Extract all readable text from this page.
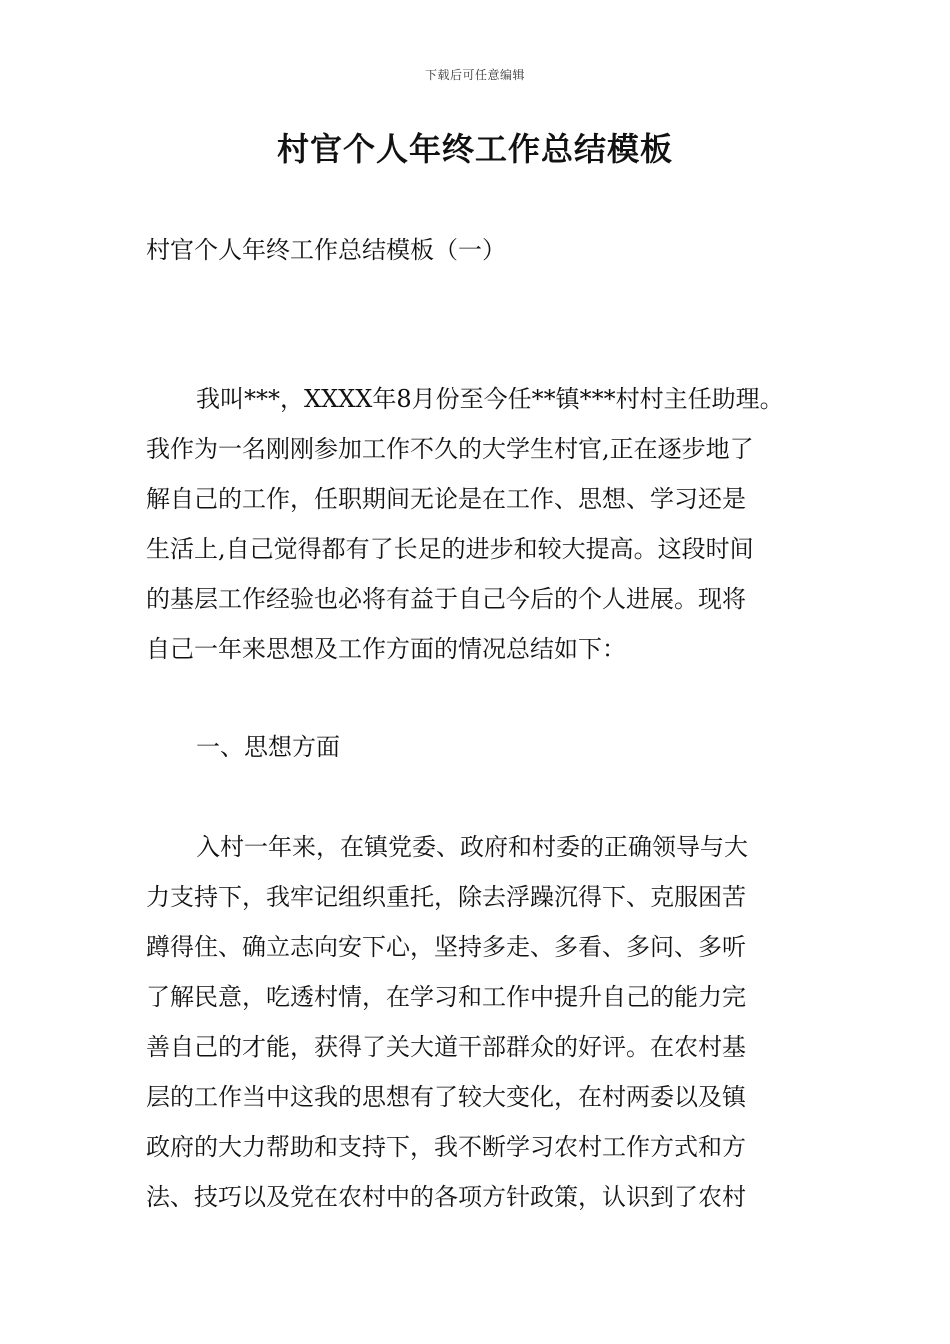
下载后可任意编辑
村官个人年终工作总结模板
村官个人年终工作总结模板（一）
我叫***，XXXX年8月份至今任**镇***村村主任助理。
我作为一名刚刚参加工作不久的大学生村官,正在逐步地了
解自己的工作，任职期间无论是在工作、思想、学习还是
生活上,自己觉得都有了长足的进步和较大提高。这段时间
的基层工作经验也必将有益于自己今后的个人进展。现将
自己一年来思想及工作方面的情况总结如下：
一、思想方面
入村一年来，在镇党委、政府和村委的正确领导与大
力支持下，我牢记组织重托，除去浮躁沉得下、克服困苦
蹲得住、确立志向安下心，坚持多走、多看、多问、多听
了解民意，吃透村情，在学习和工作中提升自己的能力完
善自己的才能，获得了关大道干部群众的好评。在农村基
层的工作当中这我的思想有了较大变化，在村两委以及镇
政府的大力帮助和支持下，我不断学习农村工作方式和方
法、技巧以及党在农村中的各项方针政策，认识到了农村
